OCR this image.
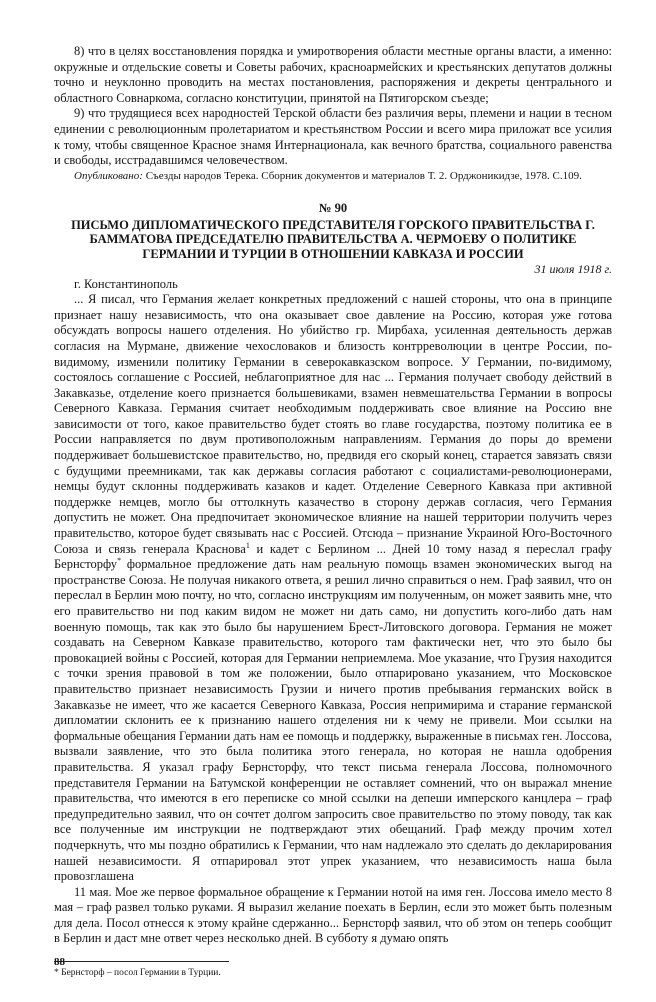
8) что в целях восстановления порядка и умиротворения области местные органы власти, а именно: окружные и отдельские советы и Советы рабочих, красноармейских и крестьянских депутатов должны точно и неуклонно проводить на местах постановления, распоряжения и декреты центрального и областного Совнаркома, согласно конституции, принятой на Пятигорском съезде;

9) что трудящиеся всех народностей Терской области без различия веры, племени и нации в тесном единении с революционным пролетариатом и крестьянством России и всего мира приложат все усилия к тому, чтобы священное Красное знамя Интернационала, как вечного братства, социального равенства и свободы, исстрадавшимся человечеством.

Опубликовано: Съезды народов Терека. Сборник документов и материалов Т. 2. Орджоникидзе, 1978. С.109.

№ 90

ПИСЬМО ДИПЛОМАТИЧЕСКОГО ПРЕДСТАВИТЕЛЯ ГОРСКОГО ПРАВИТЕЛЬСТВА Г. БАММАТОВА ПРЕДСЕДАТЕЛЮ ПРАВИТЕЛЬСТВА А. ЧЕРМОЕВУ О ПОЛИТИКЕ ГЕРМАНИИ И ТУРЦИИ В ОТНОШЕНИИ КАВКАЗА И РОССИИ

31 июля 1918 г.

г. Константинополь

... Я писал, что Германия желает конкретных предложений с нашей стороны, что она в принципе признает нашу независимость, что она оказывает свое давление на Россию, которая уже готова обсуждать вопросы нашего отделения. Но убийство гр. Мирбаха, усиленная деятельность держав согласия на Мурмане, движение чехословаков и близость контрреволюции в центре России, по-видимому, изменили политику Германии в северокавказском вопросе. У Германии, по-видимому, состоялось соглашение с Россией, неблагоприятное для нас ... Германия получает свободу действий в Закавказье, отделение коего признается большевиками, взамен невмешательства Германии в вопросы Северного Кавказа. Германия считает необходимым поддерживать свое влияние на Россию вне зависимости от того, какое правительство будет стоять во главе государства, поэтому политика ее в России направляется по двум противоположным направлениям. Германия до поры до времени поддерживает большевистское правительство, но, предвидя его скорый конец, старается завязать связи с будущими преемниками, так как державы согласия работают с социалистами-революционерами, немцы будут склонны поддерживать казаков и кадет. Отделение Северного Кавказа при активной поддержке немцев, могло бы оттолкнуть казачество в сторону держав согласия, чего Германия допустить не может. Она предпочитает экономическое влияние на нашей территории получить через правительство, которое будет связывать нас с Россией. Отсюда – признание Украиной Юго-Восточного Союза и связь генерала Краснова$^1$ и кадет с Берлином ... Дней 10 тому назад я переслал графу Бернсторфу* формальное предложение дать нам реальную помощь взамен экономических выгод на пространстве Союза. Не получая никакого ответа, я решил лично справиться о нем. Граф заявил, что он переслал в Берлин мою почту, но что, согласно инструкциям им полученным, он может заявить мне, что его правительство ни под каким видом не может ни дать само, ни допустить кого-либо дать нам военную помощь, так как это было бы нарушением Брест-Литовского договора. Германия не может создавать на Северном Кавказе правительство, которого там фактически нет, что это было бы провокацией войны с Россией, которая для Германии неприемлема. Мое указание, что Грузия находится с точки зрения правовой в том же положении, было отпарировано указанием, что Московское правительство признает независимость Грузии и ничего против пребывания германских войск в Закавказье не имеет, что же касается Северного Кавказа, Россия непримирима и старание германской дипломатии склонить ее к признанию нашего отделения ни к чему не привели. Мои ссылки на формальные обещания Германии дать нам ее помощь и поддержку, выраженные в письмах ген. Лоссова, вызвали заявление, что это была политика этого генерала, но которая не нашла одобрения правительства. Я указал графу Бернсторфу, что текст письма генерала Лоссова, полномочного представителя Германии на Батумской конференции не оставляет сомнений, что он выражал мнение правительства, что имеются в его переписке со мной ссылки на депеши имперского канцлера – граф предупредительно заявил, что он сочтет долгом запросить свое правительство по этому поводу, так как все полученные им инструкции не подтверждают этих обещаний. Граф между прочим хотел подчеркнуть, что мы поздно обратились к Германии, что нам надлежало это сделать до декларирования нашей независимости. Я отпарировал этот упрек указанием, что независимость наша была провозглашена

11 мая. Мое же первое формальное обращение к Германии нотой на имя ген. Лоссова имело место 8 мая – граф развел только руками. Я выразил желание поехать в Берлин, если это может быть полезным для дела. Посол отнесся к этому крайне сдержанно... Бернсторф заявил, что об этом он теперь сообщит в Берлин и даст мне ответ через несколько дней. В субботу я думаю опять

* Бернсторф – посол Германии в Турции.

88
